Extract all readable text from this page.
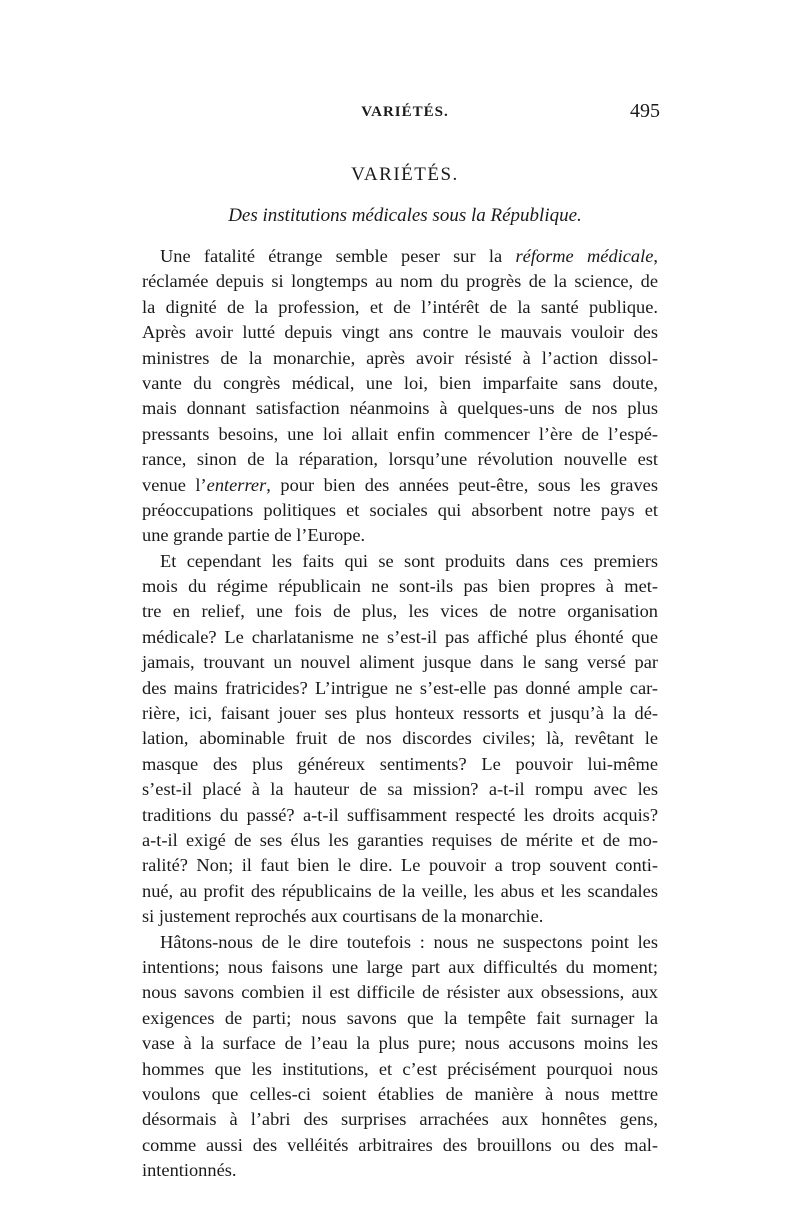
VARIÉTÉS.	495
VARIÉTÉS.
Des institutions médicales sous la République.
Une fatalité étrange semble peser sur la réforme médicale,
réclamée depuis si longtemps au nom du progrès de la science, de
la dignité de la profession, et de l’intérêt de la santé publique.
Après avoir lutté depuis vingt ans contre le mauvais vouloir des
ministres de la monarchie, après avoir résisté à l’action dissol-
vante du congrès médical, une loi, bien imparfaite sans doute,
mais donnant satisfaction néanmoins à quelques-uns de nos plus
pressants besoins, une loi allait enfin commencer l’ère de l’espé-
rance, sinon de la réparation, lorsqu’une révolution nouvelle est
venue l’enterrer, pour bien des années peut-être, sous les graves
préoccupations politiques et sociales qui absorbent notre pays et
une grande partie de l’Europe.
Et cependant les faits qui se sont produits dans ces premiers
mois du régime républicain ne sont-ils pas bien propres à met-
tre en relief, une fois de plus, les vices de notre organisation
médicale? Le charlatanisme ne s’est-il pas affiché plus éhonté que
jamais, trouvant un nouvel aliment jusque dans le sang versé par
des mains fratricides? L’intrigue ne s’est-elle pas donné ample car-
rière, ici, faisant jouer ses plus honteux ressorts et jusqu’à la dé-
lation, abominable fruit de nos discordes civiles; là, revêtant le
masque des plus généreux sentiments? Le pouvoir lui-même
s’est-il placé à la hauteur de sa mission? a-t-il rompu avec les
traditions du passé? a-t-il suffisamment respecté les droits acquis?
a-t-il exigé de ses élus les garanties requises de mérite et de mo-
ralité? Non; il faut bien le dire. Le pouvoir a trop souvent conti-
nué, au profit des républicains de la veille, les abus et les scandales
si justement reprochés aux courtisans de la monarchie.
Hâtons-nous de le dire toutefois : nous ne suspectons point les
intentions; nous faisons une large part aux difficultés du moment;
nous savons combien il est difficile de résister aux obsessions, aux
exigences de parti; nous savons que la tempête fait surnager la
vase à la surface de l’eau la plus pure; nous accusons moins les
hommes que les institutions, et c’est précisément pourquoi nous
voulons que celles-ci soient établies de manière à nous mettre
désormais à l’abri des surprises arrachées aux honnêtes gens,
comme aussi des velléités arbitraires des brouillons ou des mal-
intentionnés.
